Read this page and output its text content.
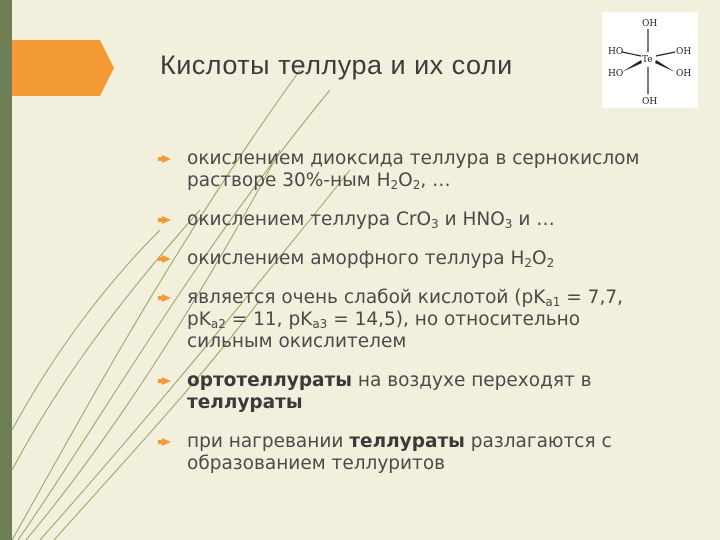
Кислоты теллура и их соли	Te
OH
HO	OH
HO	OH
OH
окислением диоксида теллура в сернокислом растворе 30%-ным $H_2O_2$, …
окислением теллура CrO$_3$ и $HNO_3$ и …
окислением аморфного теллура $H_2O_2$
является очень слабой кислотой ($pK_{a1} = 7,7$, $pK_{a2} = 11$, $pK_{a3} = 14,5$), но относительно сильным окислителем
ортотеллураты на воздухе переходят в теллураты
при нагревании теллураты разлагаются с образованием теллуритов
